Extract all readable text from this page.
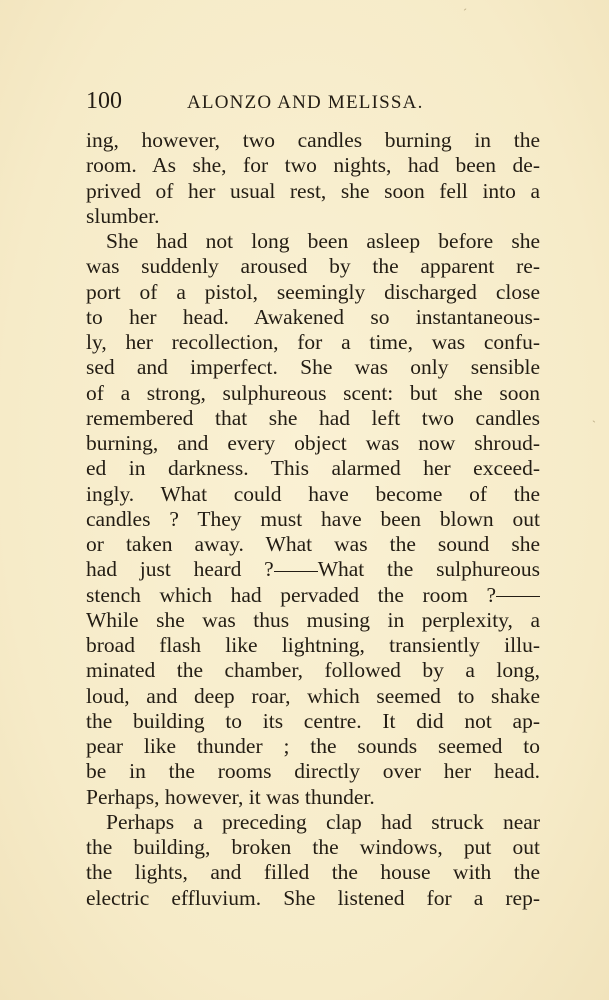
ˊ
ˋ
100	ALONZO AND MELISSA.
ing, however, two candles burning in the
room. As she, for two nights, had been de-
prived of her usual rest, she soon fell into a
slumber.
She had not long been asleep before she
was suddenly aroused by the apparent re-
port of a pistol, seemingly discharged close
to her head. Awakened so instantaneous-
ly, her recollection, for a time, was confu-
sed and imperfect. She was only sensible
of a strong, sulphureous scent: but she soon
remembered that she had left two candles
burning, and every object was now shroud-
ed in darkness. This alarmed her exceed-
ingly. What could have become of the
candles ? They must have been blown out
or taken away. What was the sound she
had just heard ? What the sulphureous
stench which had pervaded the room ?
While she was thus musing in perplexity, a
broad flash like lightning, transiently illu-
minated the chamber, followed by a long,
loud, and deep roar, which seemed to shake
the building to its centre. It did not ap-
pear like thunder ; the sounds seemed to
be in the rooms directly over her head.
Perhaps, however, it was thunder.
Perhaps a preceding clap had struck near
the building, broken the windows, put out
the lights, and filled the house with the
electric effluvium. She listened for a rep-
